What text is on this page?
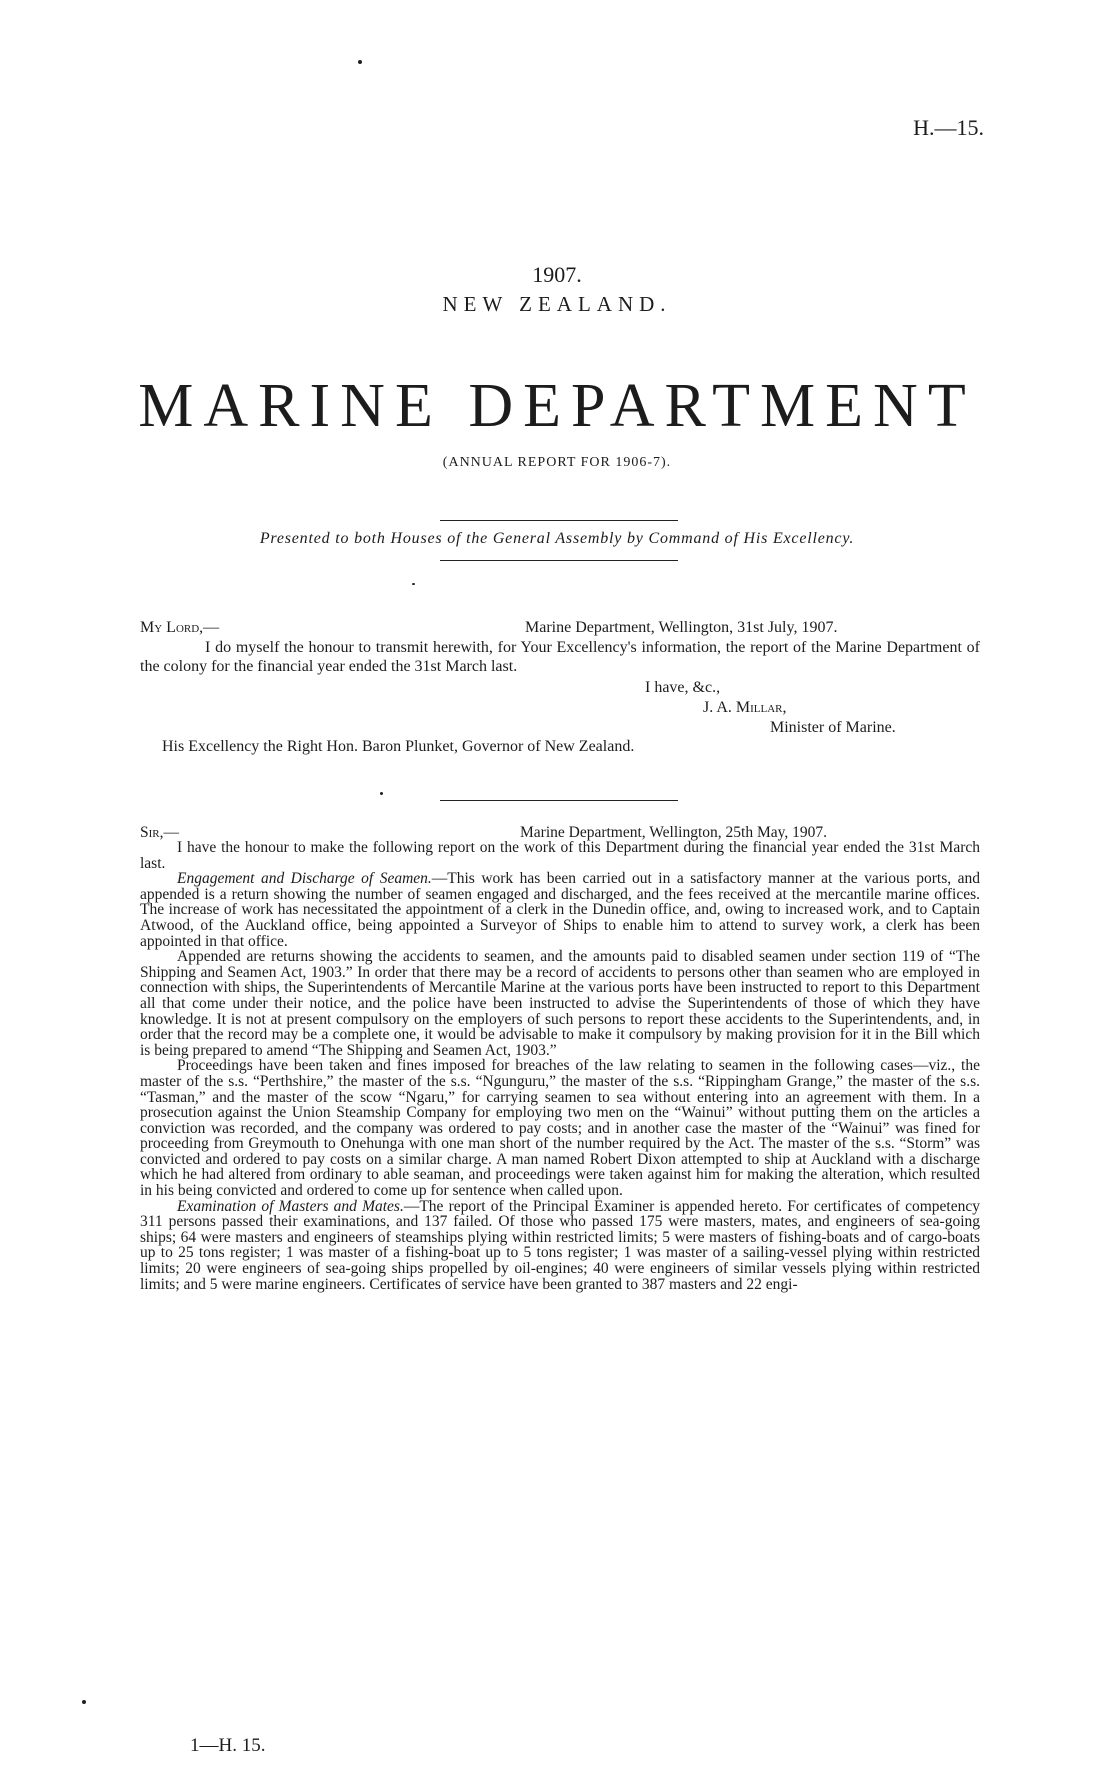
H.—15.
1907.
NEW ZEALAND.
MARINE DEPARTMENT
(ANNUAL REPORT FOR 1906-7).
Presented to both Houses of the General Assembly by Command of His Excellency.
My Lord,—	Marine Department, Wellington, 31st July, 1907.
I do myself the honour to transmit herewith, for Your Excellency's information, the report of the Marine Department of the colony for the financial year ended the 31st March last.
I have, &c.,
J. A. Millar,
Minister of Marine.
His Excellency the Right Hon. Baron Plunket, Governor of New Zealand.
Sir,—	Marine Department, Wellington, 25th May, 1907.

I have the honour to make the following report on the work of this Department during the financial year ended the 31st March last.

Engagement and Discharge of Seamen.—This work has been carried out in a satisfactory manner at the various ports, and appended is a return showing the number of seamen engaged and discharged, and the fees received at the mercantile marine offices. The increase of work has necessitated the appointment of a clerk in the Dunedin office, and, owing to increased work, and to Captain Atwood, of the Auckland office, being appointed a Surveyor of Ships to enable him to attend to survey work, a clerk has been appointed in that office.

Appended are returns showing the accidents to seamen, and the amounts paid to disabled seamen under section 119 of “The Shipping and Seamen Act, 1903.” In order that there may be a record of accidents to persons other than seamen who are employed in connection with ships, the Superintendents of Mercantile Marine at the various ports have been instructed to report to this Department all that come under their notice, and the police have been instructed to advise the Superintendents of those of which they have knowledge. It is not at present compulsory on the employers of such persons to report these accidents to the Superintendents, and, in order that the record may be a complete one, it would be advisable to make it compulsory by making provision for it in the Bill which is being prepared to amend “The Shipping and Seamen Act, 1903.”

Proceedings have been taken and fines imposed for breaches of the law relating to seamen in the following cases—viz., the master of the s.s. “Perthshire,” the master of the s.s. “Ngunguru,” the master of the s.s. “Rippingham Grange,” the master of the s.s. “Tasman,” and the master of the scow “Ngaru,” for carrying seamen to sea without entering into an agreement with them. In a prosecution against the Union Steamship Company for employing two men on the “Wainui” without putting them on the articles a conviction was recorded, and the company was ordered to pay costs; and in another case the master of the “Wainui” was fined for proceeding from Greymouth to Onehunga with one man short of the number required by the Act. The master of the s.s. “Storm” was convicted and ordered to pay costs on a similar charge. A man named Robert Dixon attempted to ship at Auckland with a discharge which he had altered from ordinary to able seaman, and proceedings were taken against him for making the alteration, which resulted in his being convicted and ordered to come up for sentence when called upon.

Examination of Masters and Mates.—The report of the Principal Examiner is appended hereto. For certificates of competency 311 persons passed their examinations, and 137 failed. Of those who passed 175 were masters, mates, and engineers of sea-going ships; 64 were masters and engineers of steamships plying within restricted limits; 5 were masters of fishing-boats and of cargo-boats up to 25 tons register; 1 was master of a fishing-boat up to 5 tons register; 1 was master of a sailing-vessel plying within restricted limits; 20 were engineers of sea-going ships propelled by oil-engines; 40 were engineers of similar vessels plying within restricted limits; and 5 were marine engineers. Certificates of service have been granted to 387 masters and 22 engi-

1—H. 15.
